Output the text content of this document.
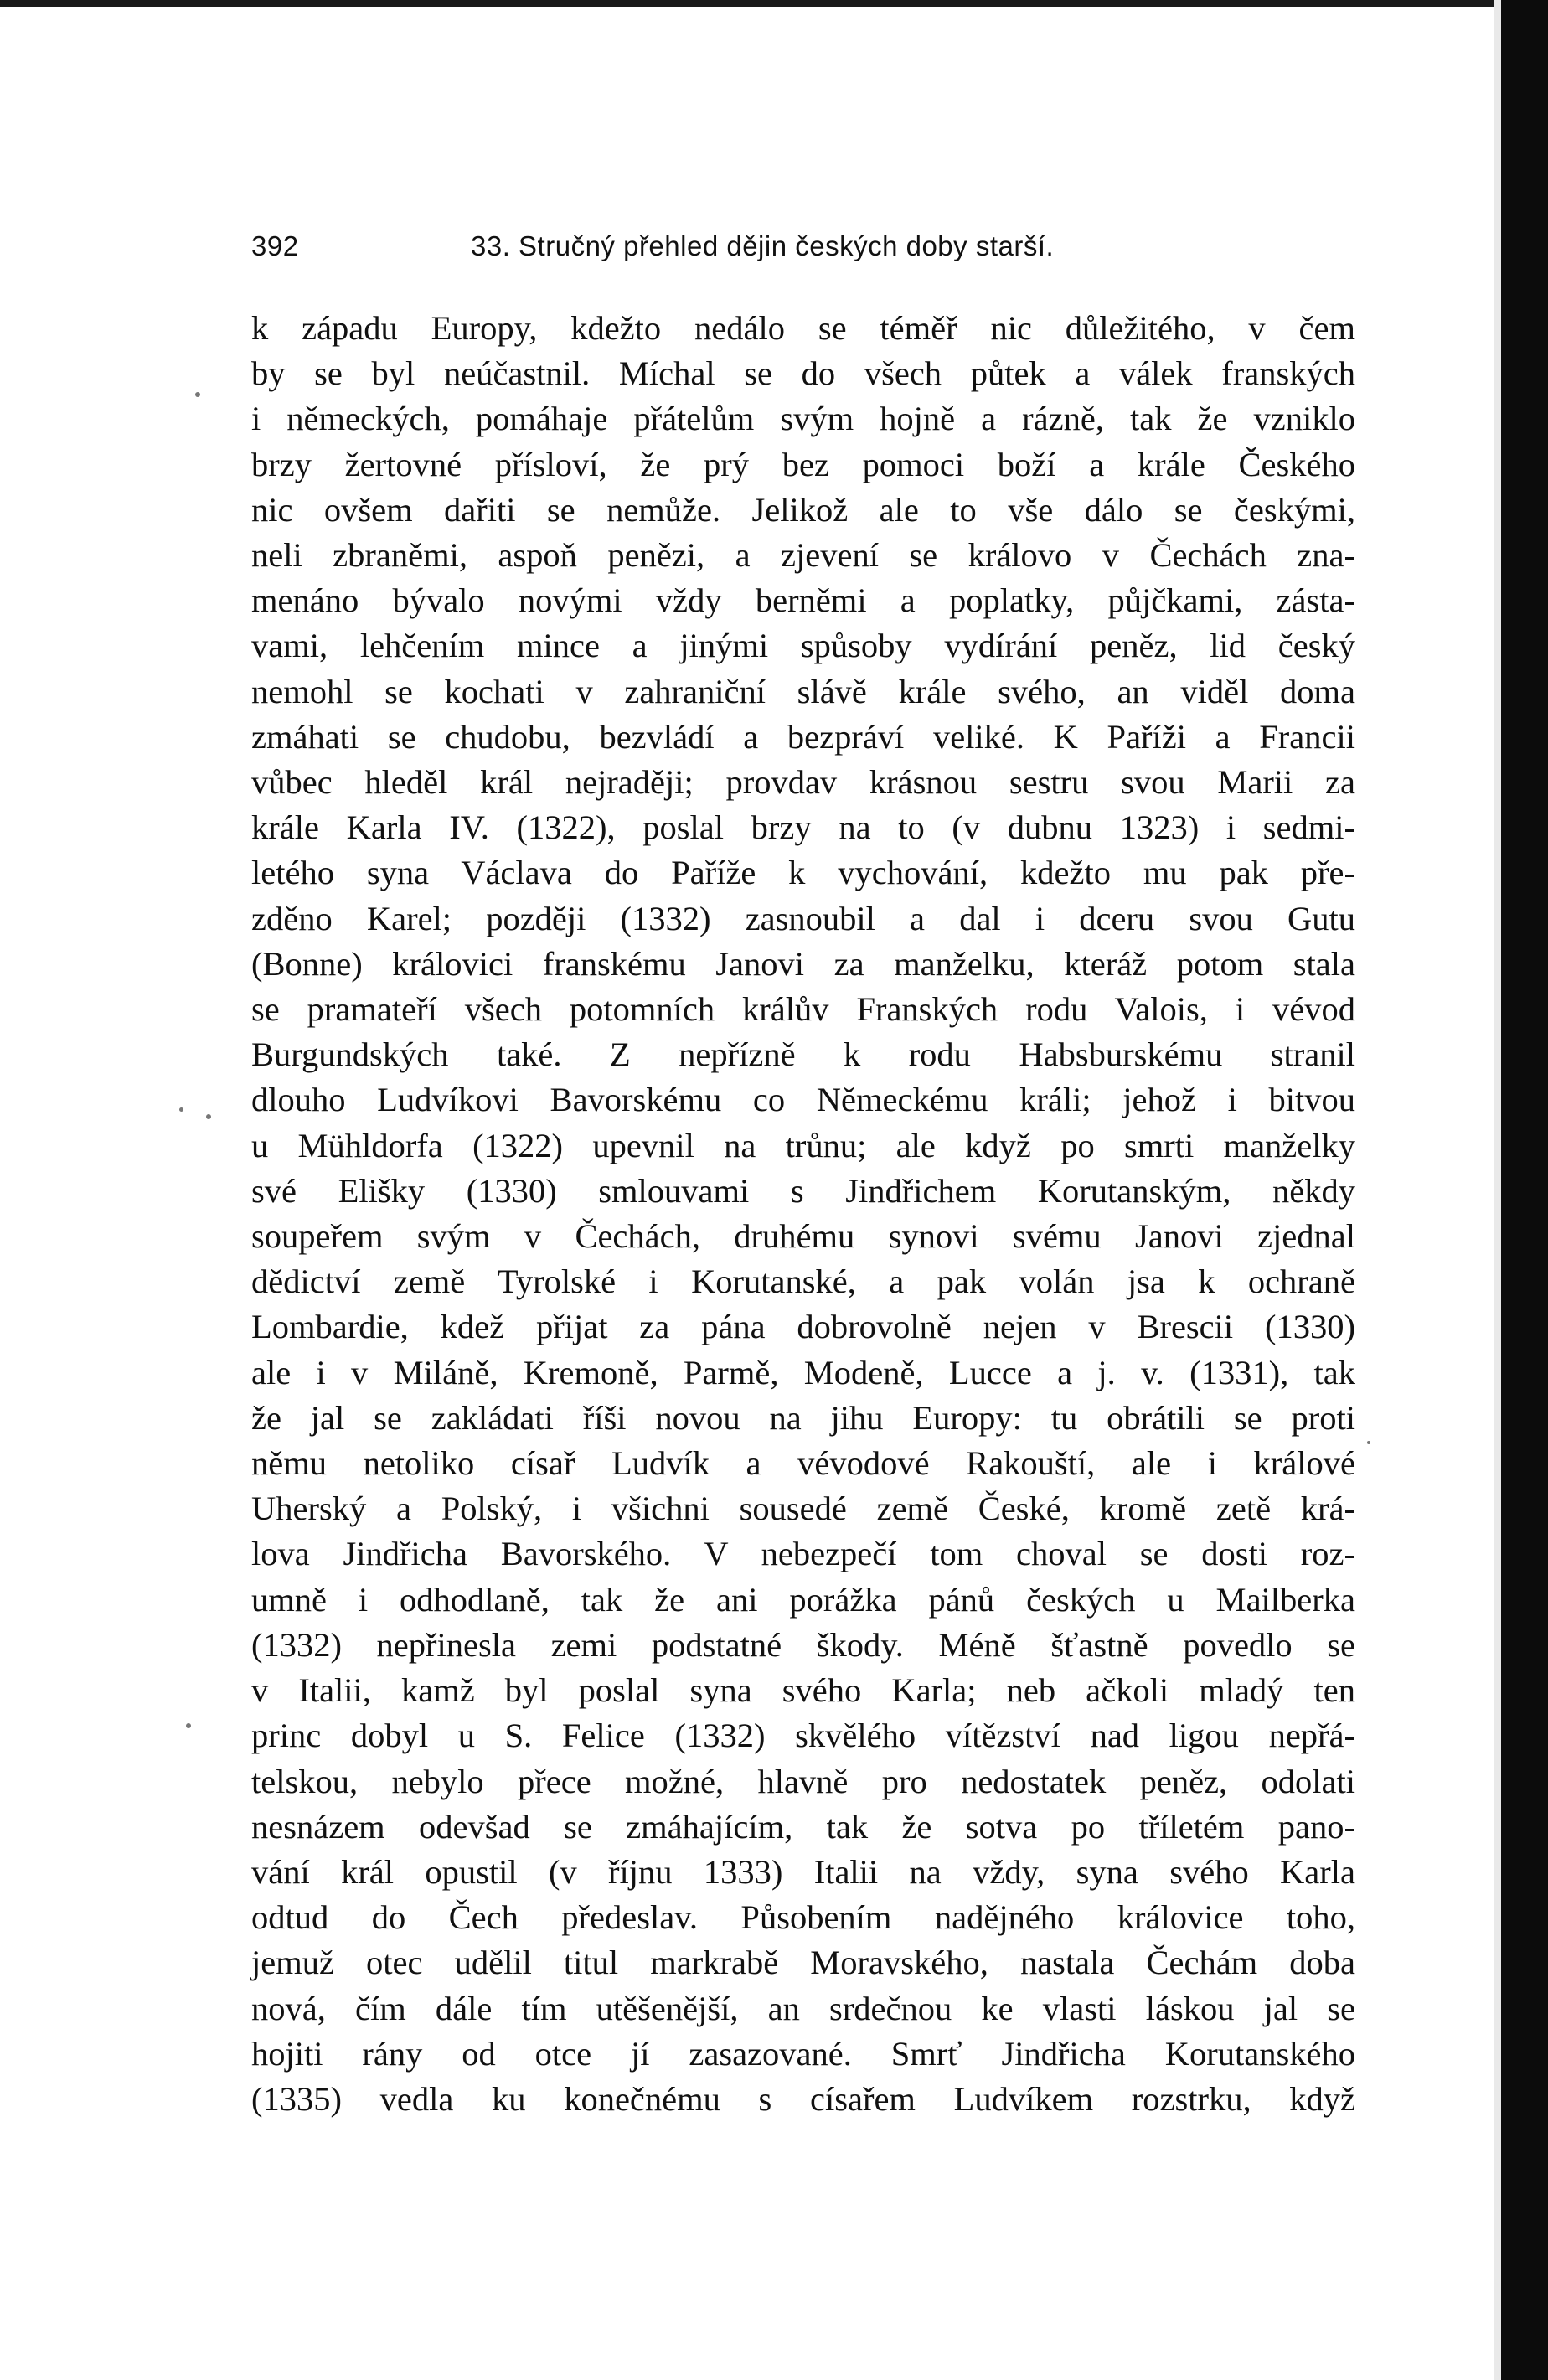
392	33. Stručný přehled dějin českých doby starší.
k západu Europy, kdežto nedálo se téměř nic důležitého, v čem
by se byl neúčastnil. Míchal se do všech půtek a válek franských
i německých, pomáhaje přátelům svým hojně a rázně, tak že vzniklo
brzy žertovné přísloví, že prý bez pomoci boží a krále Českého
nic ovšem dařiti se nemůže. Jelikož ale to vše dálo se českými,
neli zbraněmi, aspoň penězi, a zjevení se královo v Čechách zna-
menáno bývalo novými vždy berněmi a poplatky, půjčkami, zásta-
vami, lehčením mince a jinými spůsoby vydírání peněz, lid český
nemohl se kochati v zahraniční slávě krále svého, an viděl doma
zmáhati se chudobu, bezvládí a bezpráví veliké. K Paříži a Francii
vůbec hleděl král nejraději; provdav krásnou sestru svou Marii za
krále Karla IV. (1322), poslal brzy na to (v dubnu 1323) i sedmi-
letého syna Václava do Paříže k vychování, kdežto mu pak pře-
zděno Karel; později (1332) zasnoubil a dal i dceru svou Gutu
(Bonne) královici franskému Janovi za manželku, kteráž potom stala
se pramateří všech potomních králův Franských rodu Valois, i vévod
Burgundských také. Z nepřízně k rodu Habsburskému stranil
dlouho Ludvíkovi Bavorskému co Německému králi; jehož i bitvou
u Mühldorfa (1322) upevnil na trůnu; ale když po smrti manželky
své Elišky (1330) smlouvami s Jindřichem Korutanským, někdy
soupeřem svým v Čechách, druhému synovi svému Janovi zjednal
dědictví země Tyrolské i Korutanské, a pak volán jsa k ochraně
Lombardie, kdež přijat za pána dobrovolně nejen v Brescii (1330)
ale i v Miláně, Kremoně, Parmě, Modeně, Lucce a j. v. (1331), tak
že jal se zakládati říši novou na jihu Europy: tu obrátili se proti
němu netoliko císař Ludvík a vévodové Rakouští, ale i králové
Uherský a Polský, i všichni sousedé země České, kromě zetě krá-
lova Jindřicha Bavorského. V nebezpečí tom choval se dosti roz-
umně i odhodlaně, tak že ani porážka pánů českých u Mailberka
(1332) nepřinesla zemi podstatné škody. Méně šťastně povedlo se
v Italii, kamž byl poslal syna svého Karla; neb ačkoli mladý ten
princ dobyl u S. Felice (1332) skvělého vítězství nad ligou nepřá-
telskou, nebylo přece možné, hlavně pro nedostatek peněz, odolati
nesnázem odevšad se zmáhajícím, tak že sotva po tříletém pano-
vání král opustil (v říjnu 1333) Italii na vždy, syna svého Karla
odtud do Čech předeslav. Působením nadějného královice toho,
jemuž otec udělil titul markrabě Moravského, nastala Čechám doba
nová, čím dále tím utěšenější, an srdečnou ke vlasti láskou jal se
hojiti rány od otce jí zasazované. Smrť Jindřicha Korutanského
(1335) vedla ku konečnému s císařem Ludvíkem rozstrku, když
